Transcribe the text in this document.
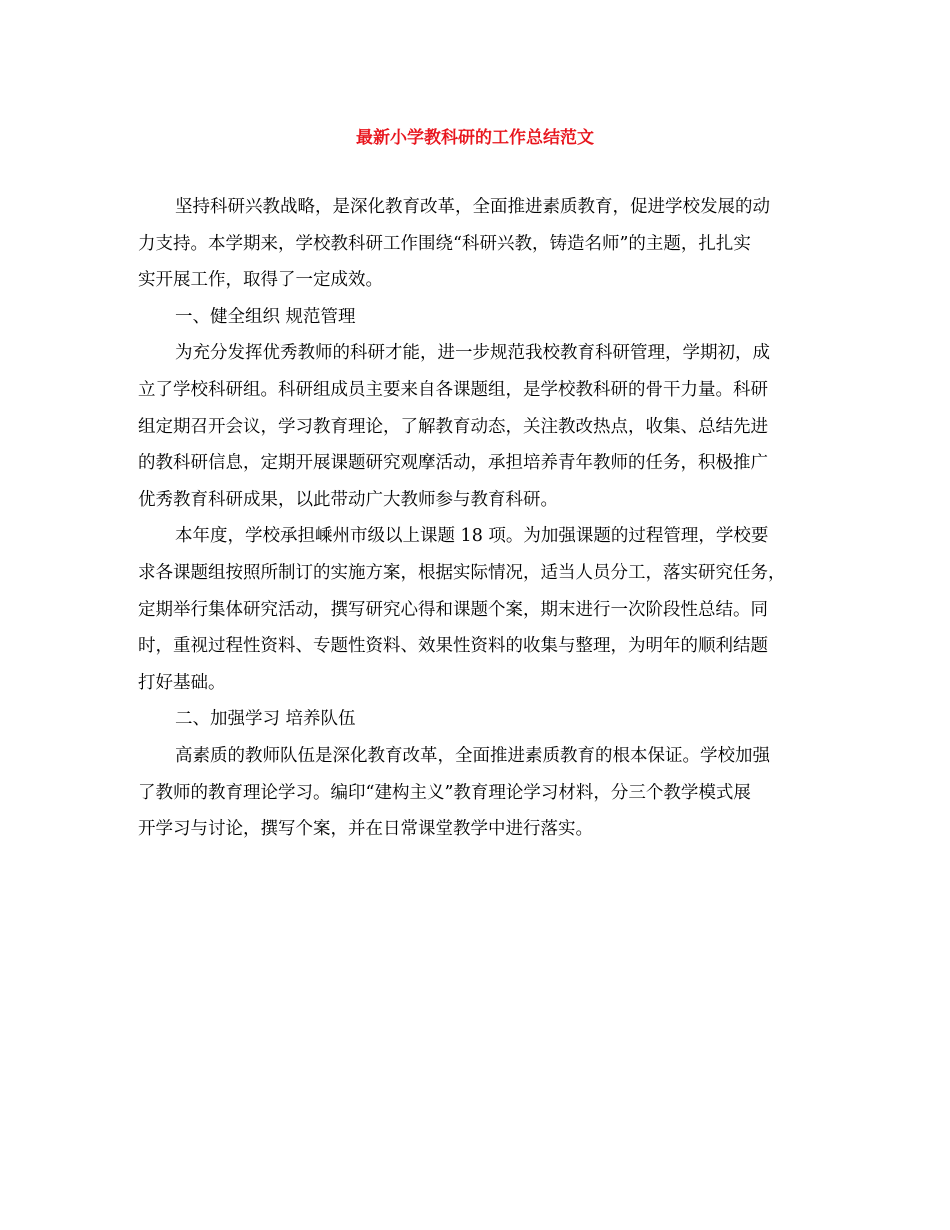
最新小学教科研的工作总结范文
坚持科研兴教战略，是深化教育改革，全面推进素质教育，促进学校发展的动
力支持。本学期来，学校教科研工作围绕“科研兴教，铸造名师”的主题，扎扎实
实开展工作，取得了一定成效。
一、健全组织 规范管理
为充分发挥优秀教师的科研才能，进一步规范我校教育科研管理，学期初，成
立了学校科研组。科研组成员主要来自各课题组，是学校教科研的骨干力量。科研
组定期召开会议，学习教育理论，了解教育动态，关注教改热点，收集、总结先进
的教科研信息，定期开展课题研究观摩活动，承担培养青年教师的任务，积极推广
优秀教育科研成果，以此带动广大教师参与教育科研。
本年度，学校承担嵊州市级以上课题 18 项。为加强课题的过程管理，学校要
求各课题组按照所制订的实施方案，根据实际情况，适当人员分工，落实研究任务，
定期举行集体研究活动，撰写研究心得和课题个案，期末进行一次阶段性总结。同
时，重视过程性资料、专题性资料、效果性资料的收集与整理，为明年的顺利结题
打好基础。
二、加强学习 培养队伍
高素质的教师队伍是深化教育改革，全面推进素质教育的根本保证。学校加强
了教师的教育理论学习。编印“建构主义”教育理论学习材料，分三个教学模式展
开学习与讨论，撰写个案，并在日常课堂教学中进行落实。
